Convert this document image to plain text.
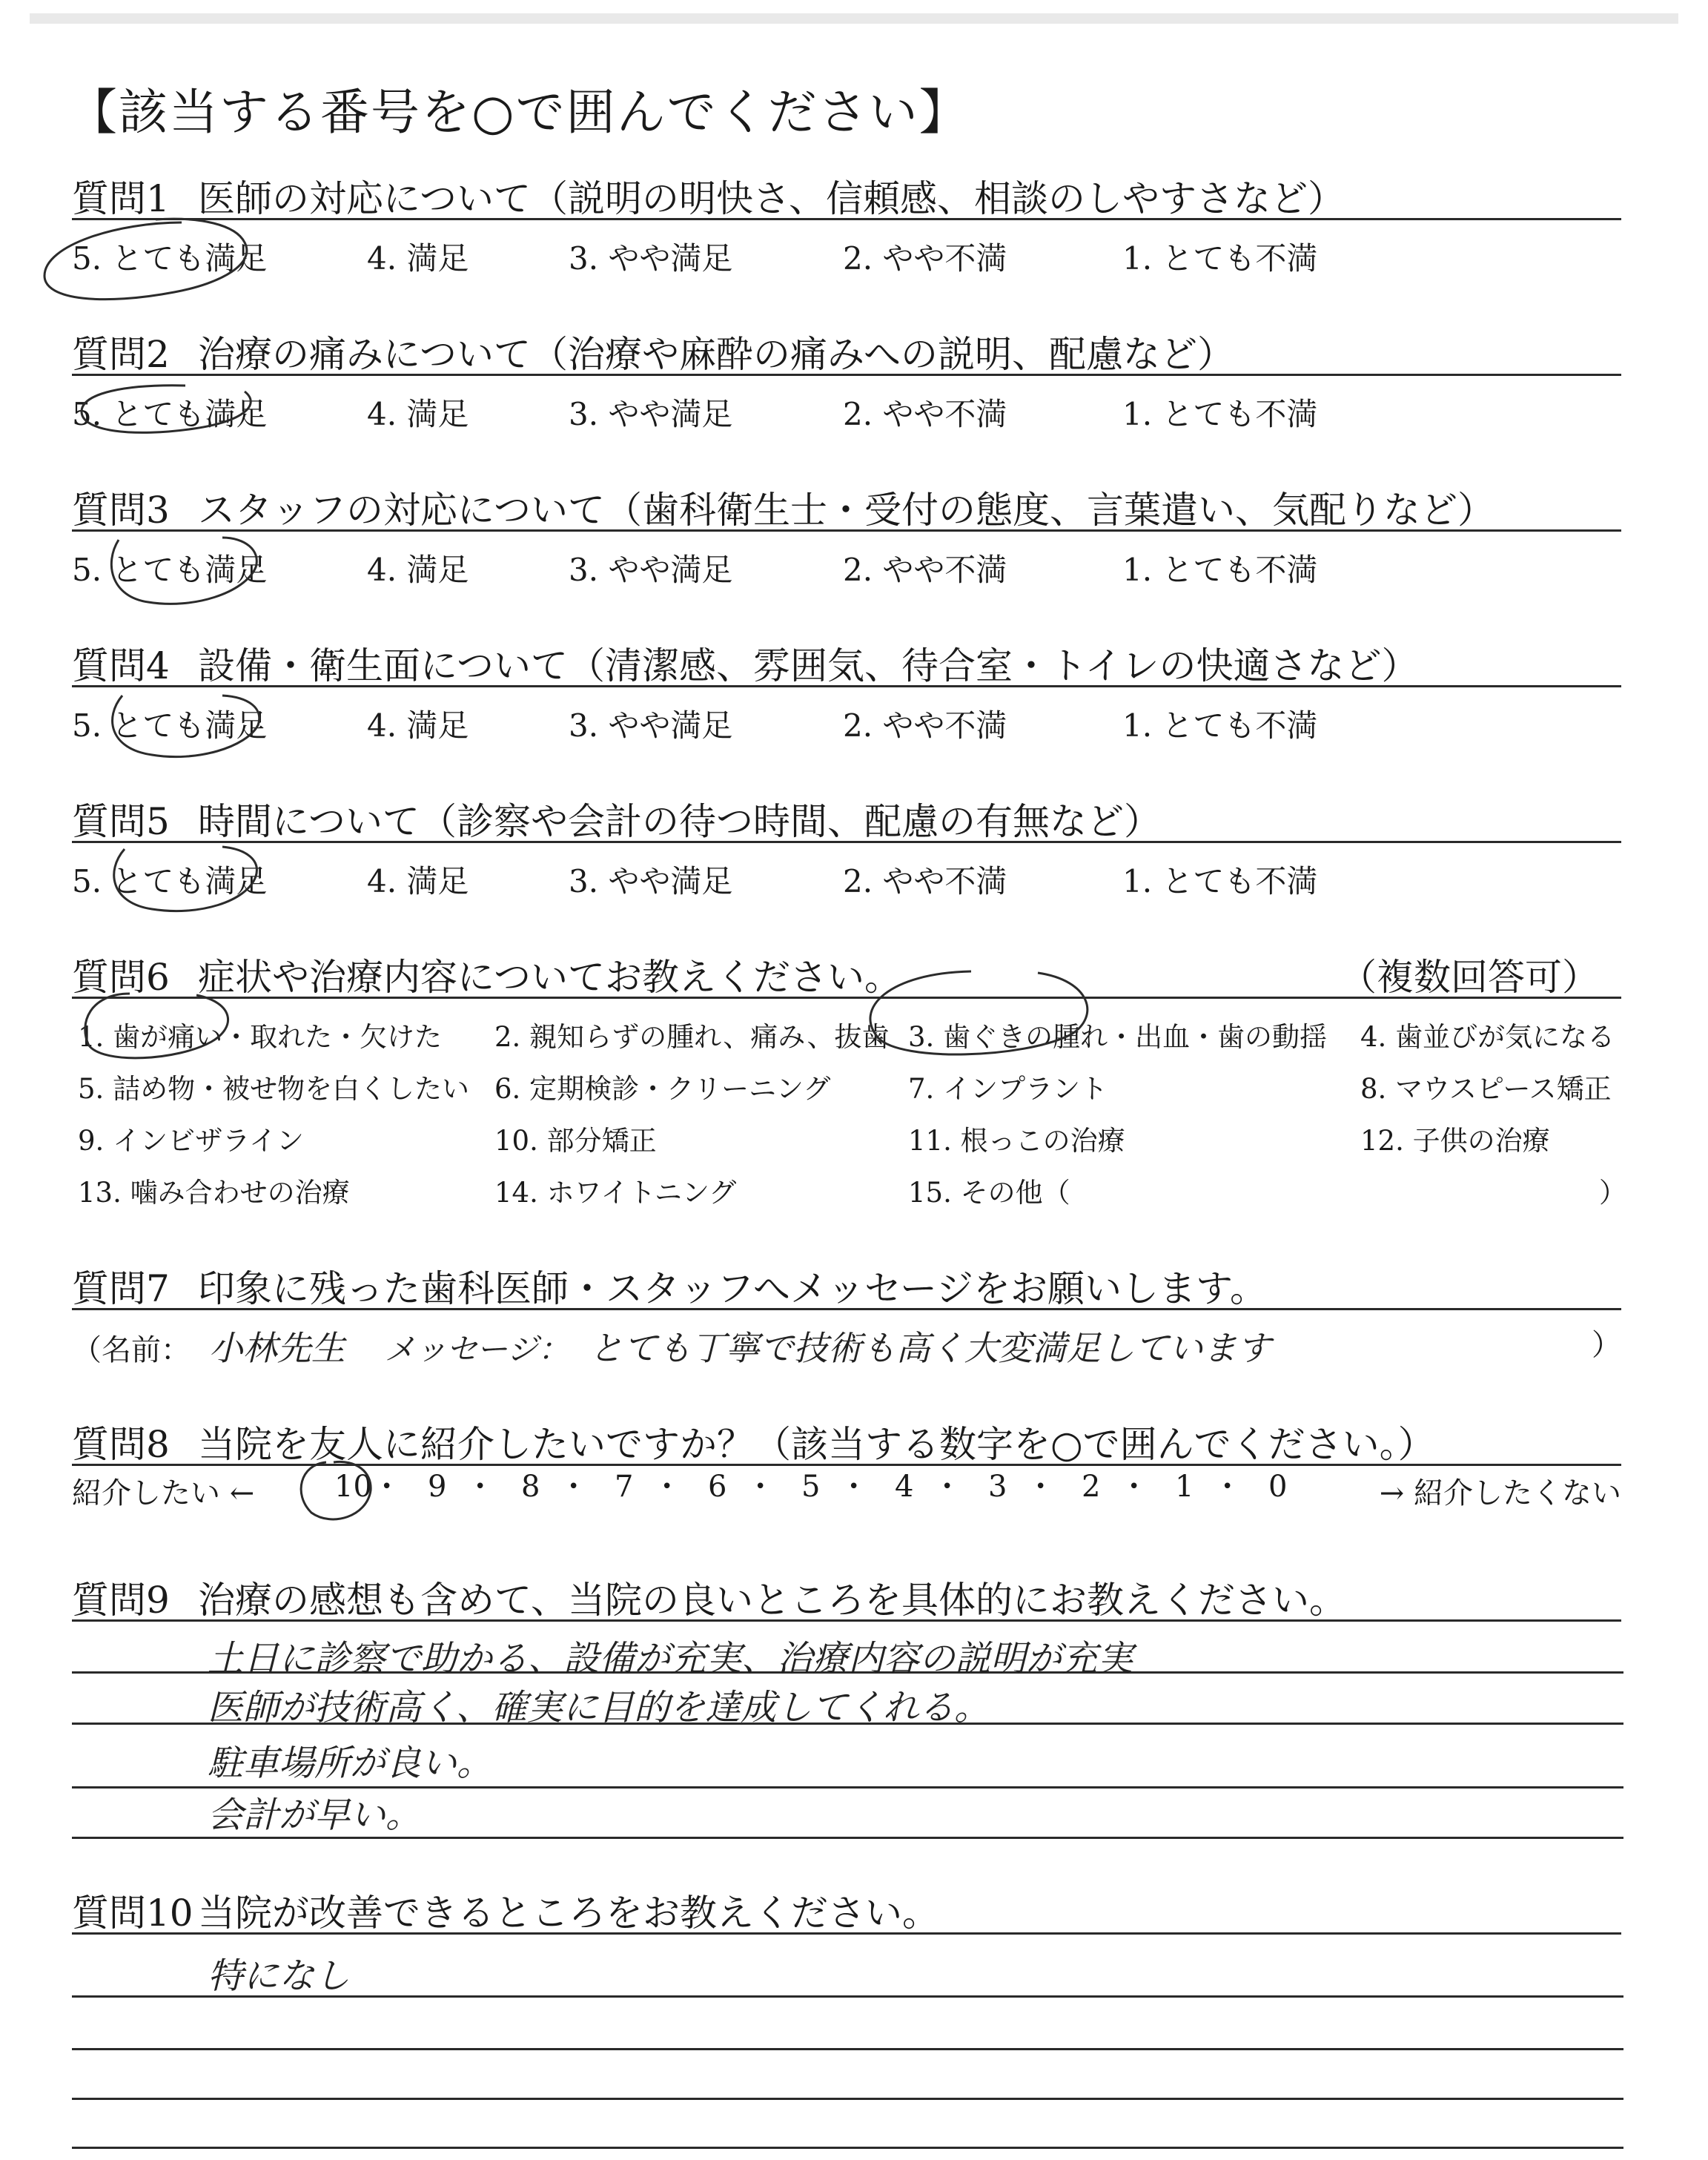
【該当する番号を○で囲んでください】
質問1 医師の対応について（説明の明快さ、信頼感、相談のしやすさなど）
5. とても満足	4. 満足	3. やや満足	2. やや不満	1. とても不満
質問2 治療の痛みについて（治療や麻酔の痛みへの説明、配慮など）
5. とても満足	4. 満足	3. やや満足	2. やや不満	1. とても不満
質問3 スタッフの対応について（歯科衛生士・受付の態度、言葉遣い、気配りなど）
5. とても満足	4. 満足	3. やや満足	2. やや不満	1. とても不満
質問4 設備・衛生面について（清潔感、雰囲気、待合室・トイレの快適さなど）
5. とても満足	4. 満足	3. やや満足	2. やや不満	1. とても不満
質問5 時間について（診察や会計の待つ時間、配慮の有無など）
5. とても満足	4. 満足	3. やや満足	2. やや不満	1. とても不満
質問6 症状や治療内容についてお教えください。	（複数回答可）
1. 歯が痛い・取れた・欠けた 2. 親知らずの腫れ、痛み、抜歯 3. 歯ぐきの腫れ・出血・歯の動揺 4. 歯並びが気になる
5. 詰め物・被せ物を白くしたい 6. 定期検診・クリーニング	7. インプラント	8. マウスピース矯正
9. インビザライン	10. 部分矯正	11. 根っこの治療	12. 子供の治療
13. 噛み合わせの治療	14. ホワイトニング	15. その他（	）
質問7 印象に残った歯科医師・スタッフへメッセージをお願いします。
（名前： 小林先生 メッセージ： とても丁寧で技術も高く大変満足しています	）
質問8 当院を友人に紹介したいですか？（該当する数字を○で囲んでください。）
紹介したい ←	→ 紹介したくない
10 • 9 • 8 • 7 • 6 • 5 • 4 • 3 • 2 • 1 • 0
質問9 治療の感想も含めて、当院の良いところを具体的にお教えください。
土日に診察で助かる、設備が充実、治療内容の説明が充実
医師が技術高く、確実に目的を達成してくれる。
駐車場所が良い。
会計が早い。
質問10 当院が改善できるところをお教えください。
特になし
